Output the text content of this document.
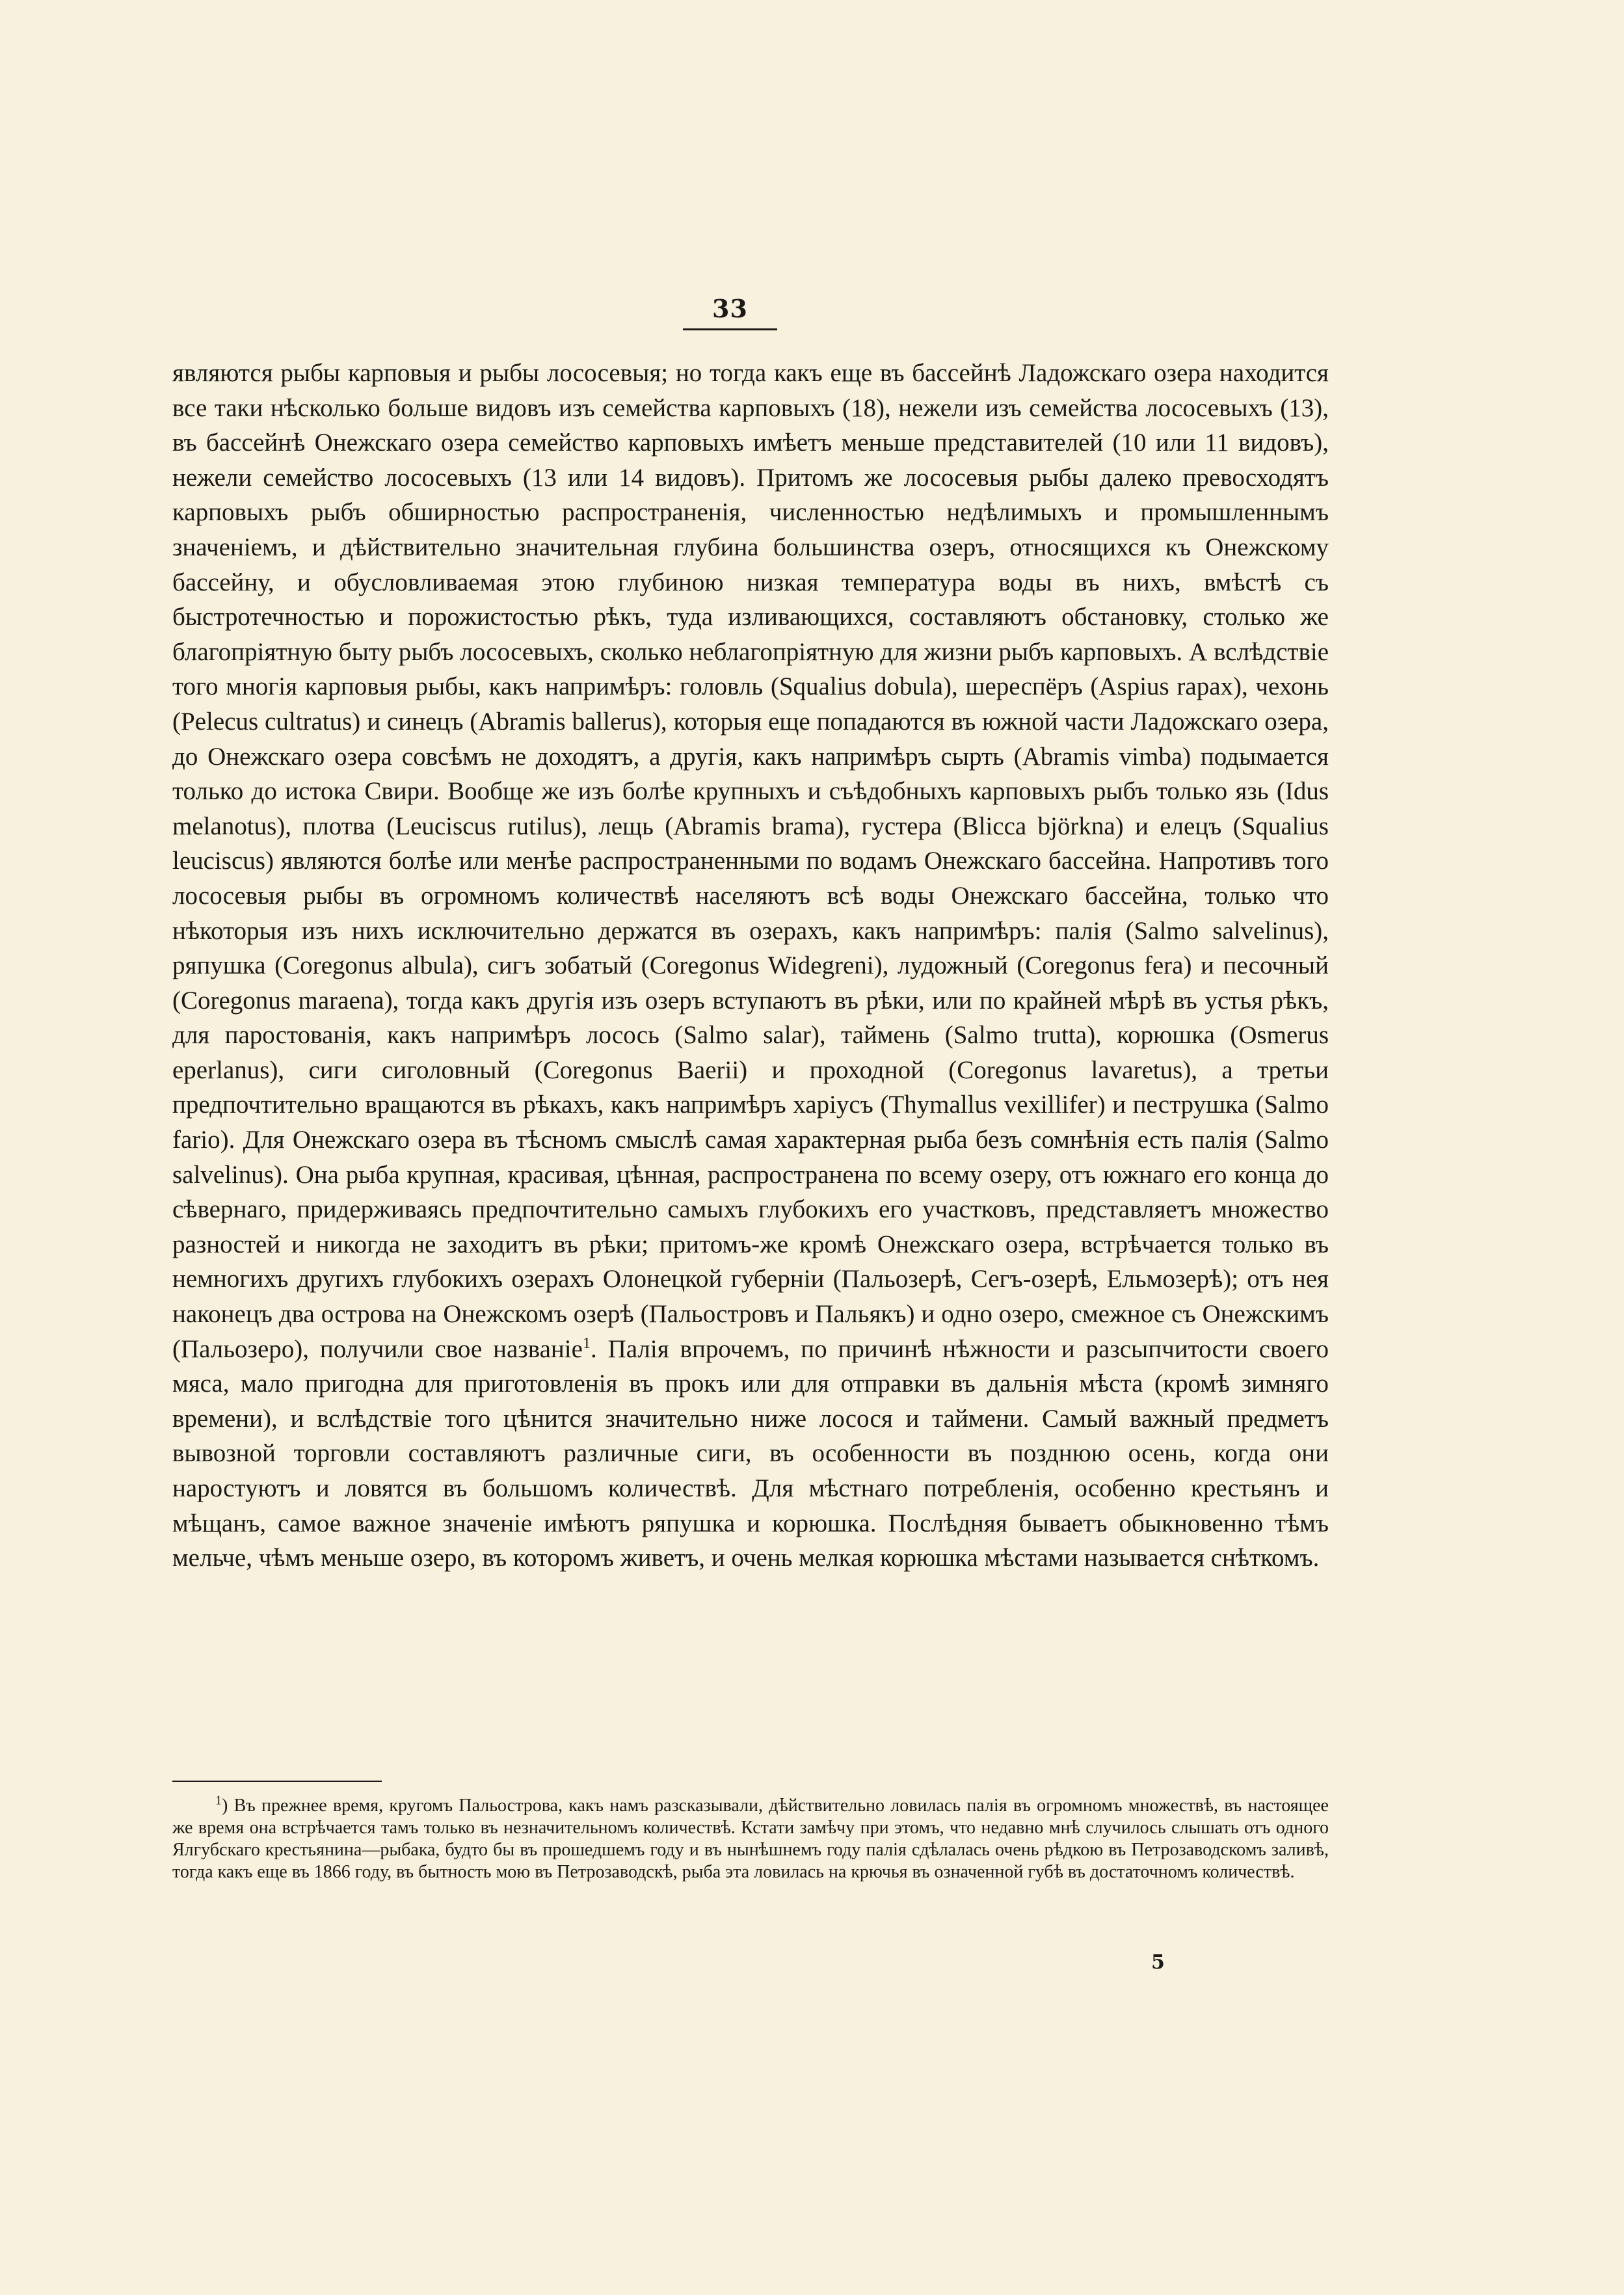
33

являются рыбы карповыя и рыбы лососевыя; но тогда какъ еще въ бассейнѣ Ладожскаго озера находится все таки нѣсколько больше видовъ изъ семейства карповыхъ (18), нежели изъ семейства лососевыхъ (13), въ бассейнѣ Онежскаго озера семейство карповыхъ имѣетъ меньше представителей (10 или 11 видовъ), нежели семейство лососевыхъ (13 или 14 видовъ). Притомъ же лососевыя рыбы далеко превосходятъ карповыхъ рыбъ обширностью распространенія, численностью недѣлимыхъ и промышленнымъ значеніемъ, и дѣйствительно значительная глубина большинства озеръ, относящихся къ Онежскому бассейну, и обусловливаемая этою глубиною низкая температура воды въ нихъ, вмѣстѣ съ быстротечностью и порожистостью рѣкъ, туда изливающихся, составляютъ обстановку, столько же благопріятную быту рыбъ лососевыхъ, сколько неблагопріятную для жизни рыбъ карповыхъ. А вслѣдствіе того многія карповыя рыбы, какъ напримѣръ: головль (Squalius dobula), шереспёръ (Aspius rapax), чехонь (Pelecus cultratus) и синецъ (Abramis ballerus), которыя еще попадаются въ южной части Ладожскаго озера, до Онежскаго озера совсѣмъ не доходятъ, а другія, какъ напримѣръ сырть (Abramis vimba) подымается только до истока Свири. Вообще же изъ болѣе крупныхъ и съѣдобныхъ карповыхъ рыбъ только язь (Idus melanotus), плотва (Leuciscus rutilus), лещь (Abramis brama), густера (Blicca björkna) и елецъ (Squalius leuciscus) являются болѣе или менѣе распространенными по водамъ Онежскаго бассейна. Напротивъ того лососевыя рыбы въ огромномъ количествѣ населяютъ всѣ воды Онежскаго бассейна, только что нѣкоторыя изъ нихъ исключительно держатся въ озерахъ, какъ напримѣръ: палія (Salmo salvelinus), ряпушка (Coregonus albula), сигъ зобатый (Coregonus Widegreni), лудожный (Coregonus fera) и песочный (Coregonus maraena), тогда какъ другія изъ озеръ вступаютъ въ рѣки, или по крайней мѣрѣ въ устья рѣкъ, для паростованія, какъ напримѣръ лосось (Salmo salar), таймень (Salmo trutta), корюшка (Osmerus eperlanus), сиги сиголовный (Coregonus Baerii) и проходной (Coregonus lavaretus), а третьи предпочтительно вращаются въ рѣкахъ, какъ напримѣръ харіусъ (Thymallus vexillifer) и пеструшка (Salmo fario). Для Онежскаго озера въ тѣсномъ смыслѣ самая характерная рыба безъ сомнѣнія есть палія (Salmo salvelinus). Она рыба крупная, красивая, цѣнная, распространена по всему озеру, отъ южнаго его конца до сѣвернаго, придерживаясь предпочтительно самыхъ глубокихъ его участковъ, представляетъ множество разностей и никогда не заходитъ въ рѣки; притомъ-же кромѣ Онежскаго озера, встрѣчается только въ немногихъ другихъ глубокихъ озерахъ Олонецкой губерніи (Пальозерѣ, Сегъ-озерѣ, Ельмозерѣ); отъ нея наконецъ два острова на Онежскомъ озерѣ (Пальостровъ и Пальякъ) и одно озеро, смежное съ Онежскимъ (Пальозеро), получили свое названіе$^1$. Палія впрочемъ, по причинѣ нѣжности и разсыпчитости своего мяса, мало пригодна для приготовленія въ прокъ или для отправки въ дальнія мѣста (кромѣ зимняго времени), и вслѣдствіе того цѣнится значительно ниже лосося и таймени. Самый важный предметъ вывозной торговли составляютъ различные сиги, въ особенности въ позднюю осень, когда они наростуютъ и ловятся въ большомъ количествѣ. Для мѣстнаго потребленія, особенно крестьянъ и мѣщанъ, самое важное значеніе имѣютъ ряпушка и корюшка. Послѣдняя бываетъ обыкновенно тѣмъ мельче, чѣмъ меньше озеро, въ которомъ живетъ, и очень мелкая корюшка мѣстами называется снѣткомъ.

$^1$) Въ прежнее время, кругомъ Пальострова, какъ намъ разсказывали, дѣйствительно ловилась палія въ огромномъ множествѣ, въ настоящее же время она встрѣчается тамъ только въ незначительномъ количествѣ. Кстати замѣчу при этомъ, что недавно мнѣ случилось слышать отъ одного Ялгубскаго крестьянина—рыбака, будто бы въ прошедшемъ году и въ нынѣшнемъ году палія сдѣлалась очень рѣдкою въ Петрозаводскомъ заливѣ, тогда какъ еще въ 1866 году, въ бытность мою въ Петрозаводскѣ, рыба эта ловилась на крючья въ означенной губѣ въ достаточномъ количествѣ.

5
